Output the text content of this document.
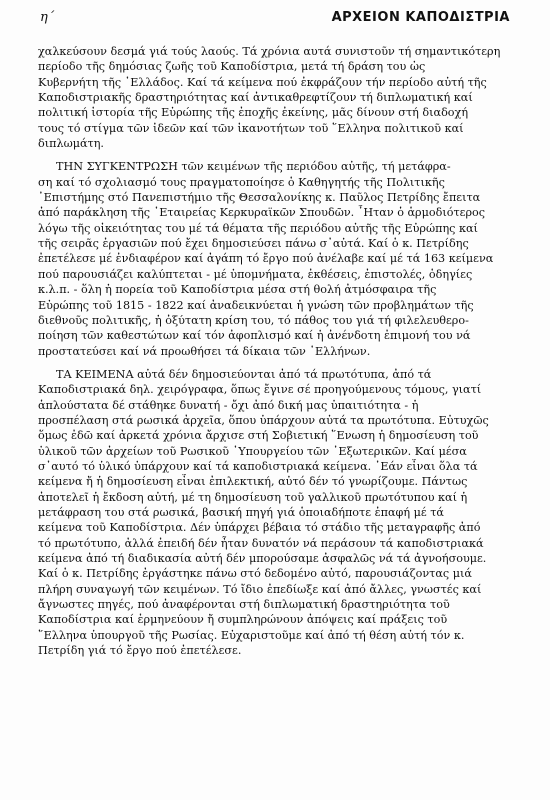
η΄	ΑΡΧΕΙΟΝ ΚΑΠΟΔΙΣΤΡΙΑ

χαλκεύσουν δεσμά γιά τούς λαούς. Τά χρόνια αυτά συνιστοῦν τή σημαντικότερη
περίοδο τῆς δημόσιας ζωῆς τοῦ Καποδίστρια, μετά τή δράση του ὡς
Κυβερνήτη τῆς ῾Ελλάδος. Καί τά κείμενα πού ἐκφράζουν τήν περίοδο αὐτή τῆς
Καποδιστριακῆς δραστηριότητας καί ἀντικαθρεφτίζουν τή διπλωματική καί
πολιτική ἱστορία τῆς Εὐρώπης τῆς ἐποχῆς ἐκείνης, μᾶς δίνουν στή διαδοχή
τους τό στίγμα τῶν ἰδεῶν καί τῶν ἱκανοτήτων τοῦ ῞Ελληνα πολιτικοῦ καί
διπλωμάτη.

ΤΗΝ ΣΥΓΚΕΝΤΡΩΣΗ τῶν κειμένων τῆς περιόδου αὐτῆς, τή μετάφρα-
ση καί τό σχολιασμό τους πραγματοποίησε ὁ Καθηγητής τῆς Πολιτικῆς
᾿Επιστήμης στό Πανεπιστήμιο τῆς Θεσσαλονίκης κ. Παῦλος Πετρίδης ἔπειτα
ἀπό παράκληση τῆς ῾Εταιρείας Κερκυραϊκῶν Σπουδῶν. ῏Ηταν ὁ ἁρμοδιότερος
λόγω τῆς οἰκειότητας του μέ τά θέματα τῆς περιόδου αὐτῆς τῆς Εὐρώπης καί
τῆς σειρᾶς ἐργασιῶν πού ἔχει δημοσιεύσει πάνω σ᾿αὐτά. Καί ὁ κ. Πετρίδης
ἐπετέλεσε μέ ἐνδιαφέρον καί ἀγάπη τό ἔργο πού ἀνέλαβε καί μέ τά 163 κείμενα
πού παρουσιάζει καλύπτεται - μέ ὑπομνήματα, ἐκθέσεις, ἐπιστολές, ὁδηγίες
κ.λ.π. - ὅλη ἡ πορεία τοῦ Καποδίστρια μέσα στή θολή ἀτμόσφαιρα τῆς
Εὐρώπης τοῦ 1815 - 1822 καί ἀναδεικνύεται ἡ γνώση τῶν προβλημάτων τῆς
διεθνοῦς πολιτικῆς, ἡ ὀξύτατη κρίση του, τό πάθος του γιά τή φιλελευθερο-
ποίηση τῶν καθεστώτων καί τόν ἀφοπλισμό καί ἡ ἀνένδοτη ἐπιμονή του νά
προστατεύσει καί νά προωθήσει τά δίκαια τῶν ῾Ελλήνων.

ΤΑ ΚΕΙΜΕΝΑ αὐτά δέν δημοσιεύονται ἀπό τά πρωτότυπα, ἀπό τά
Καποδιστριακά δηλ. χειρόγραφα, ὅπως ἔγινε σέ προηγούμενους τόμους, γιατί
ἁπλούστατα δέ στάθηκε δυνατή - ὄχι ἀπό δική μας ὑπαιτιότητα - ἡ
προσπέλαση στά ρωσικά ἀρχεῖα, ὅπου ὑπάρχουν αὐτά τα πρωτότυπα. Εὐτυχῶς
ὅμως ἐδῶ καί ἀρκετά χρόνια ἄρχισε στή Σοβιετική ῞Ενωση ἡ δημοσίευση τοῦ
ὑλικοῦ τῶν ἀρχείων τοῦ Ρωσικοῦ ῾Υπουργείου τῶν ᾿Εξωτερικῶν. Καί μέσα
σ᾿αυτό τό ὑλικό ὑπάρχουν καί τά καποδιστριακά κείμενα. ᾿Εάν εἶναι ὅλα τά
κείμενα ἤ ἡ δημοσίευση εἶναι ἐπιλεκτική, αὐτό δέν τό γνωρίζουμε. Πάντως
ἀποτελεῖ ἡ ἔκδοση αὐτή, μέ τη δημοσίευση τοῦ γαλλικοῦ πρωτότυπου καί ἡ
μετάφραση του στά ρωσικά, βασική πηγή γιά ὁποιαδήποτε ἐπαφή μέ τά
κείμενα τοῦ Καποδίστρια. Δέν ὑπάρχει βέβαια τό στάδιο τῆς μεταγραφῆς ἀπό
τό πρωτότυπο, ἀλλά ἐπειδή δέν ἦταν δυνατόν νά περάσουν τά καποδιστριακά
κείμενα ἀπό τή διαδικασία αὐτή δέν μπορούσαμε ἀσφαλῶς νά τά ἀγνοήσουμε.
Καί ὁ κ. Πετρίδης ἐργάστηκε πάνω στό δεδομένο αὐτό, παρουσιάζοντας μιά
πλήρη συναγωγή τῶν κειμένων. Τό ἴδιο ἐπεδίωξε καί ἀπό ἄλλες, γνωστές καί
ἄγνωστες πηγές, πού ἀναφέρονται στή διπλωματική δραστηριότητα τοῦ
Καποδίστρια καί ἑρμηνεύουν ἤ συμπληρώνουν ἀπόψεις καί πράξεις τοῦ
῞Ελληνα ὑπουργοῦ τῆς Ρωσίας. Εὐχαριστοῦμε καί ἀπό τή θέση αὐτή τόν κ.
Πετρίδη γιά τό ἔργο πού ἐπετέλεσε.
